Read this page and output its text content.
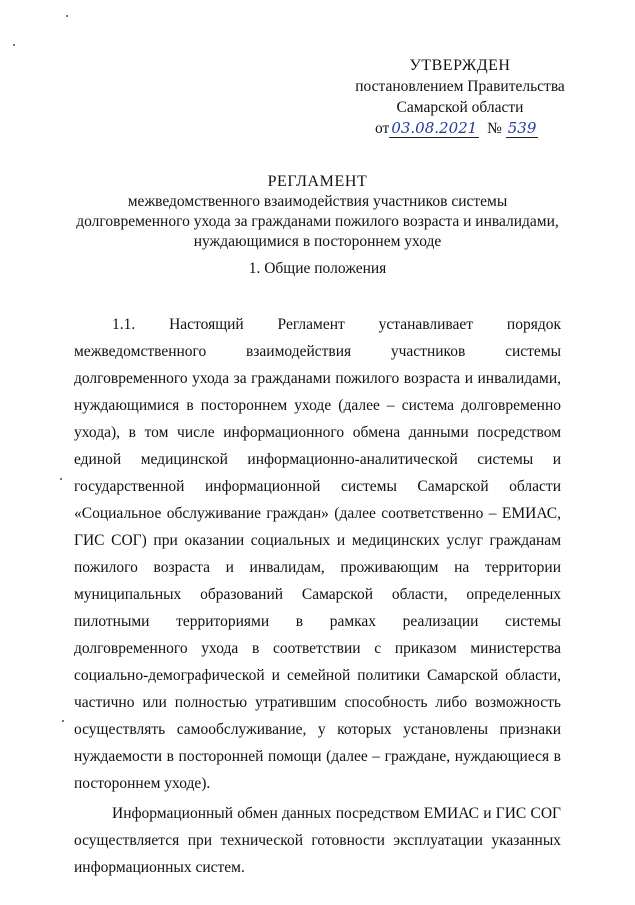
УТВЕРЖДЕН
постановлением Правительства
Самарской области
от 03.08.2021 № 539
РЕГЛАМЕНТ
межведомственного взаимодействия участников системы
долговременного ухода за гражданами пожилого возраста и инвалидами,
нуждающимися в постороннем уходе
1. Общие положения

1.1. Настоящий Регламент устанавливает порядок межведомственного взаимодействия участников системы долговременного ухода за гражданами пожилого возраста и инвалидами, нуждающимися в постороннем уходе (далее – система долговременно ухода), в том числе информационного обмена данными посредством единой медицинской информационно-аналитической системы и государственной информационной системы Самарской области «Социальное обслуживание граждан» (далее соответственно – ЕМИАС, ГИС СОГ) при оказании социальных и медицинских услуг гражданам пожилого возраста и инвалидам, проживающим на территории муниципальных образований Самарской области, определенных пилотными территориями в рамках реализации системы долговременного ухода в соответствии с приказом министерства социально-демографической и семейной политики Самарской области, частично или полностью утратившим способность либо возможность осуществлять самообслуживание, у которых установлены признаки нуждаемости в посторонней помощи (далее – граждане, нуждающиеся в постороннем уходе).

Информационный обмен данных посредством ЕМИАС и ГИС СОГ осуществляется при технической готовности эксплуатации указанных информационных систем.
